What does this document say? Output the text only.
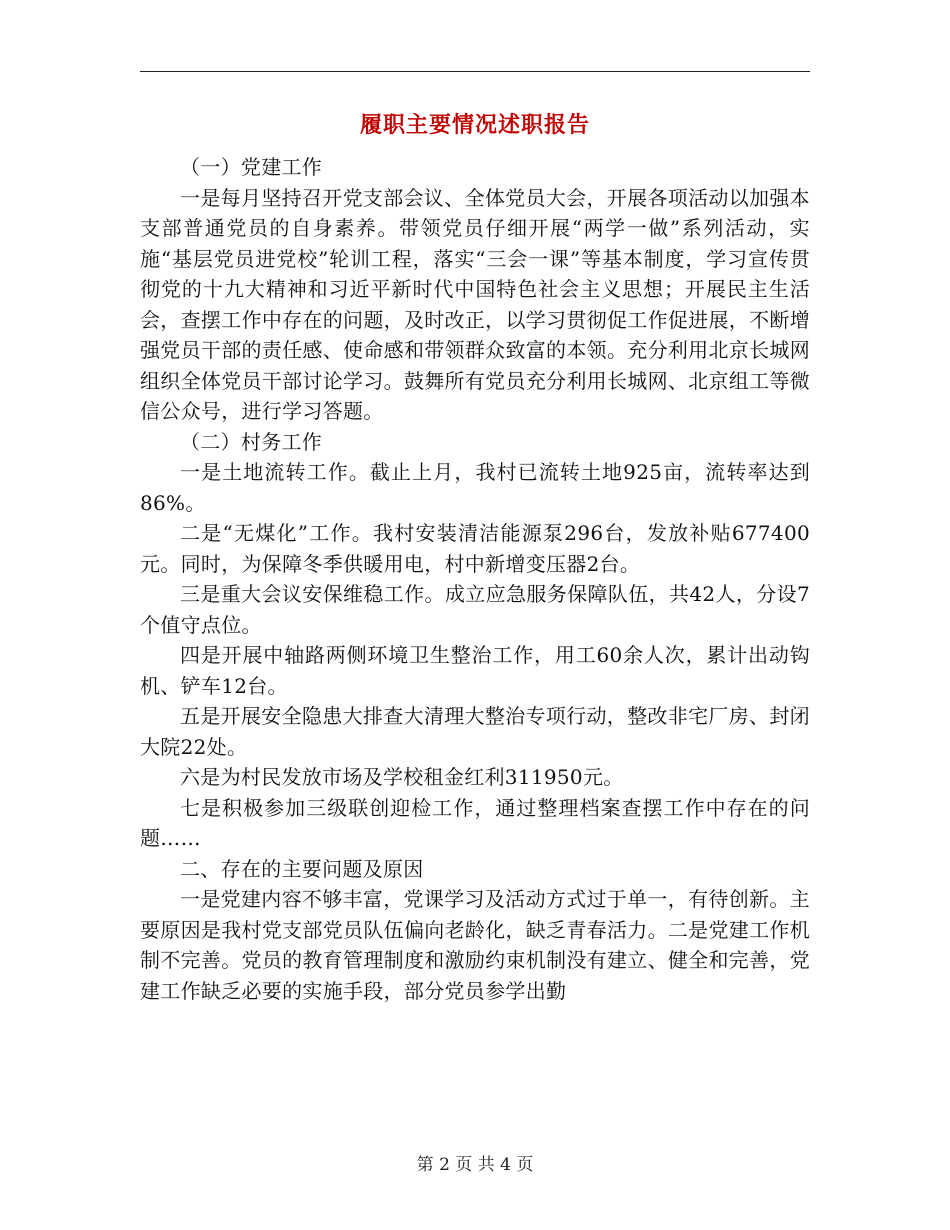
履职主要情况述职报告

（一）党建工作

一是每月坚持召开党支部会议、全体党员大会，开展各项活动以加强本支部普通党员的自身素养。带领党员仔细开展“两学一做”系列活动，实施“基层党员进党校”轮训工程，落实“三会一课”等基本制度，学习宣传贯彻党的十九大精神和习近平新时代中国特色社会主义思想；开展民主生活会，查摆工作中存在的问题，及时改正，以学习贯彻促工作促进展，不断增强党员干部的责任感、使命感和带领群众致富的本领。充分利用北京长城网组织全体党员干部讨论学习。鼓舞所有党员充分利用长城网、北京组工等微信公众号，进行学习答题。

（二）村务工作

一是土地流转工作。截止上月，我村已流转土地925亩，流转率达到86%。

二是“无煤化”工作。我村安装清洁能源泵296台，发放补贴677400元。同时，为保障冬季供暖用电，村中新增变压器2台。

三是重大会议安保维稳工作。成立应急服务保障队伍，共42人，分设7个值守点位。

四是开展中轴路两侧环境卫生整治工作，用工60余人次，累计出动钩机、铲车12台。

五是开展安全隐患大排查大清理大整治专项行动，整改非宅厂房、封闭大院22处。

六是为村民发放市场及学校租金红利311950元。

七是积极参加三级联创迎检工作，通过整理档案查摆工作中存在的问题……

二、存在的主要问题及原因

一是党建内容不够丰富，党课学习及活动方式过于单一，有待创新。主要原因是我村党支部党员队伍偏向老龄化，缺乏青春活力。二是党建工作机制不完善。党员的教育管理制度和激励约束机制没有建立、健全和完善，党建工作缺乏必要的实施手段，部分党员参学出勤

第 2 页 共 4 页
